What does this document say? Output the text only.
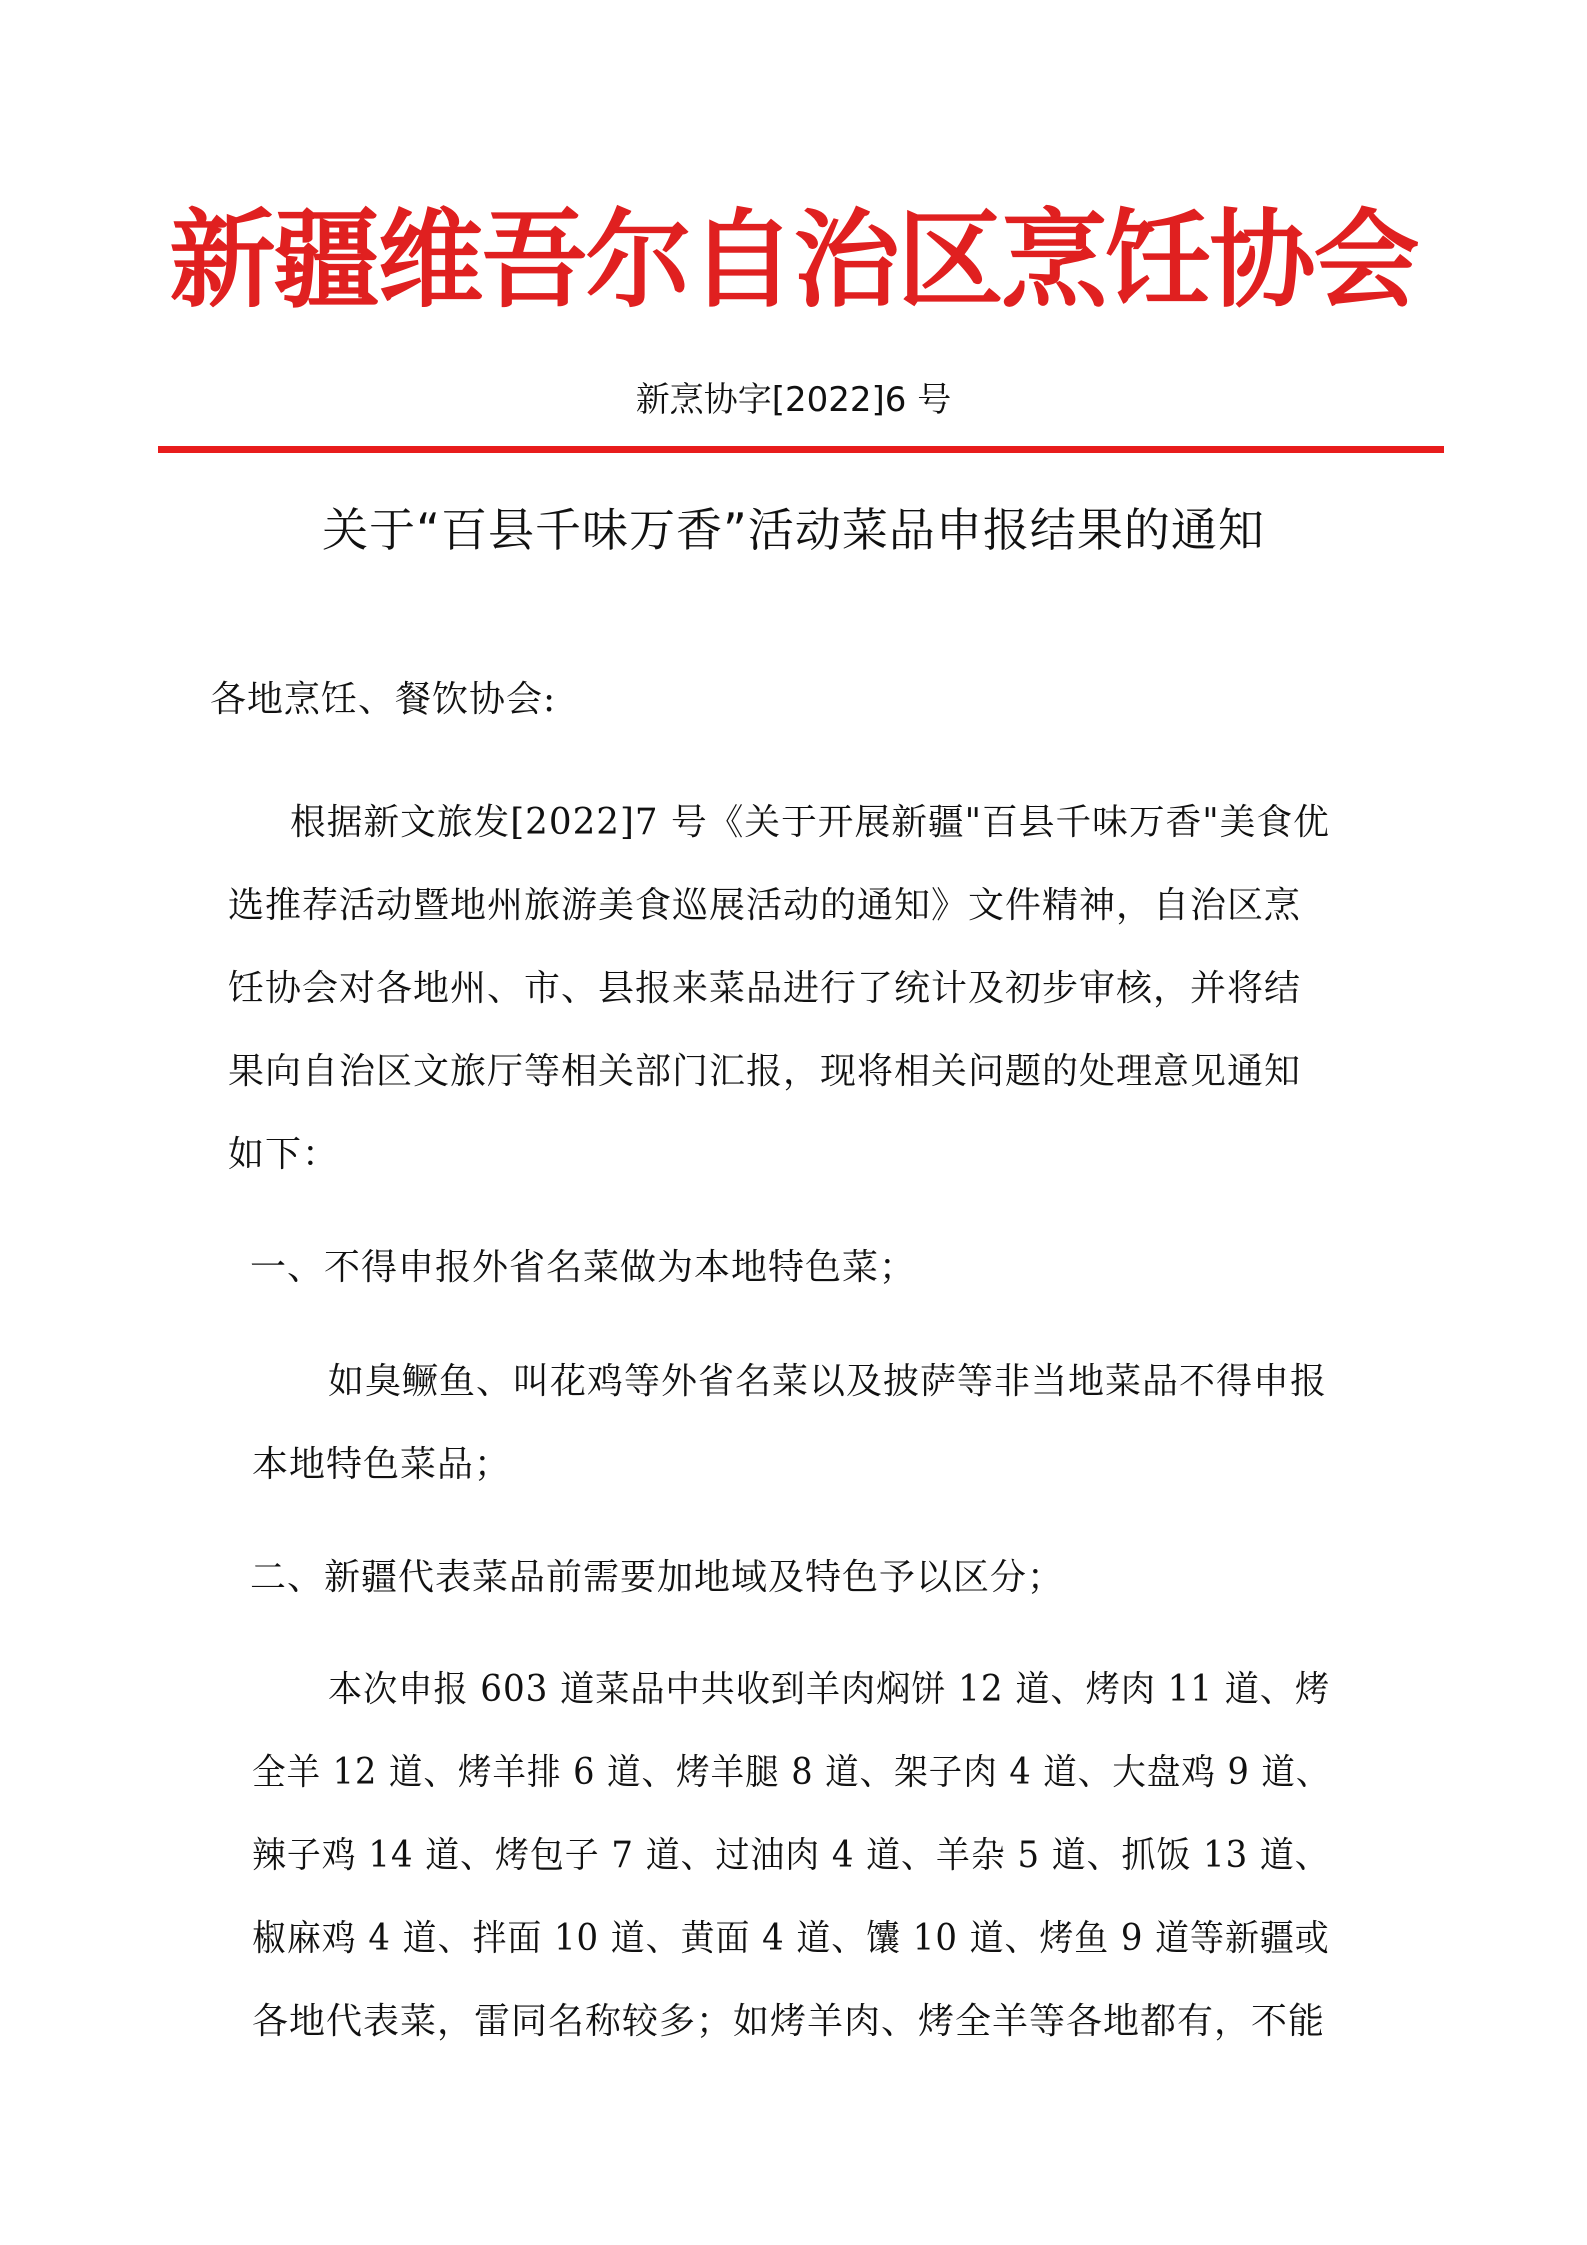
新疆维吾尔自治区烹饪协会
新烹协字[2022]6 号
关于“百县千味万香”活动菜品申报结果的通知
各地烹饪、餐饮协会:
根据新文旅发[2022]7 号《关于开展新疆"百县千味万香"美食优
选推荐活动暨地州旅游美食巡展活动的通知》文件精神，自治区烹
饪协会对各地州、市、县报来菜品进行了统计及初步审核，并将结
果向自治区文旅厅等相关部门汇报，现将相关问题的处理意见通知
如下：
一、不得申报外省名菜做为本地特色菜；
如臭鳜鱼、叫花鸡等外省名菜以及披萨等非当地菜品不得申报
本地特色菜品；
二、新疆代表菜品前需要加地域及特色予以区分；
本次申报 603 道菜品中共收到羊肉焖饼 12 道、烤肉 11 道、烤
全羊 12 道、烤羊排 6 道、烤羊腿 8 道、架子肉 4 道、大盘鸡 9 道、
辣子鸡 14 道、烤包子 7 道、过油肉 4 道、羊杂 5 道、抓饭 13 道、
椒麻鸡 4 道、拌面 10 道、黄面 4 道、馕 10 道、烤鱼 9 道等新疆或
各地代表菜，雷同名称较多；如烤羊肉、烤全羊等各地都有，不能
